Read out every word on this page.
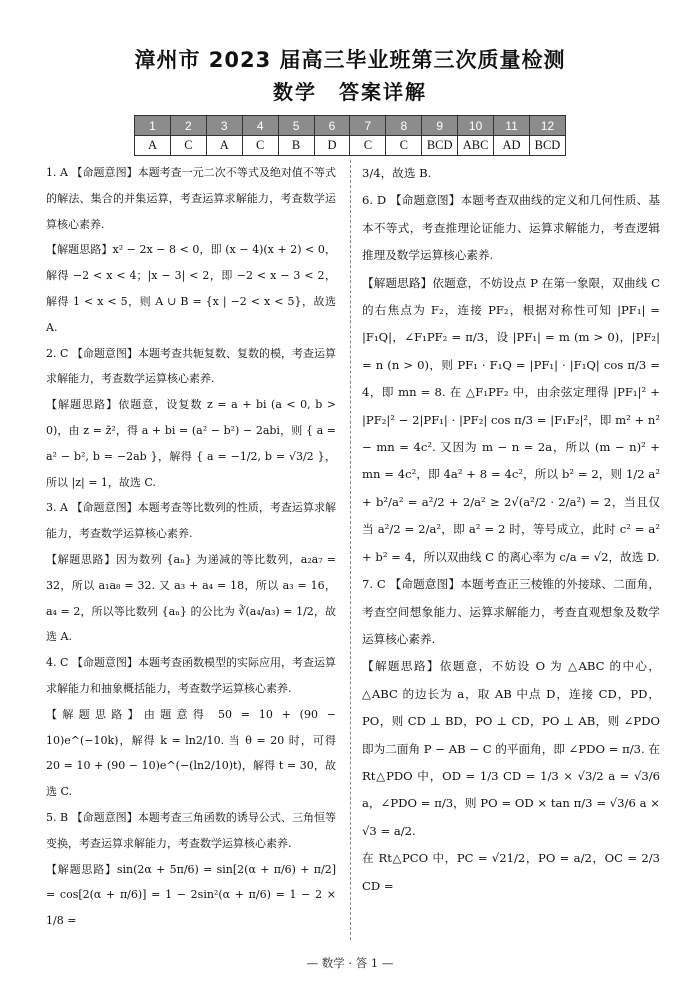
漳州市 2023 届高三毕业班第三次质量检测
数学 答案详解
1	2	3	4	5	6	7	8	9	10	11	12
A	C	A	C	B	D	C	C	BCD	ABC	AD	BCD

1. A 【命题意图】本题考查一元二次不等式及绝对值不等式的解法、集合的并集运算，考查运算求解能力，考查数学运算核心素养.

【解题思路】x² − 2x − 8 < 0，即 (x − 4)(x + 2) < 0，解得 −2 < x < 4；|x − 3| < 2，即 −2 < x − 3 < 2，解得 1 < x < 5，则 A ∪ B = {x | −2 < x < 5}，故选 A.

2. C 【命题意图】本题考查共轭复数、复数的模，考查运算求解能力，考查数学运算核心素养.

【解题思路】依题意，设复数 z = a + bi (a < 0, b > 0)，由 z = z̄²，得 a + bi = (a² − b²) − 2abi，则 { a = a² − b², b = −2ab }，解得 { a = −1/2, b = √3/2 }，所以 |z| = 1，故选 C.

3. A 【命题意图】本题考查等比数列的性质，考查运算求解能力，考查数学运算核心素养.

【解题思路】因为数列 {aₙ} 为递减的等比数列，a₂a₇ = 32，所以 a₁a₈ = 32. 又 a₃ + a₄ = 18，所以 a₃ = 16，a₄ = 2，所以等比数列 {aₙ} 的公比为 ∛(a₄/a₃) = 1/2，故选 A.

4. C 【命题意图】本题考查函数模型的实际应用，考查运算求解能力和抽象概括能力，考查数学运算核心素养.

【解题思路】由题意得 50 = 10 + (90 − 10)e^(−10k)，解得 k = ln2/10. 当 θ = 20 时，可得 20 = 10 + (90 − 10)e^(−(ln2/10)t)，解得 t = 30，故选 C.

5. B 【命题意图】本题考查三角函数的诱导公式、三角恒等变换，考查运算求解能力，考查数学运算核心素养.

【解题思路】sin(2α + 5π/6) = sin[2(α + π/6) + π/2] = cos[2(α + π/6)] = 1 − 2sin²(α + π/6) = 1 − 2 × 1/8 =

3/4，故选 B.

6. D 【命题意图】本题考查双曲线的定义和几何性质、基本不等式，考查推理论证能力、运算求解能力，考查逻辑推理及数学运算核心素养.

【解题思路】依题意，不妨设点 P 在第一象限，双曲线 C 的右焦点为 F₂，连接 PF₂，根据对称性可知 |PF₁| = |F₁Q|，∠F₁PF₂ = π/3，设 |PF₁| = m (m > 0)，|PF₂| = n (n > 0)，则 PF₁ · F₁Q = |PF₁| · |F₁Q| cos π/3 = 4，即 mn = 8. 在 △F₁PF₂ 中，由余弦定理得 |PF₁|² + |PF₂|² − 2|PF₁| · |PF₂| cos π/3 = |F₁F₂|²，即 m² + n² − mn = 4c². 又因为 m − n = 2a，所以 (m − n)² + mn = 4c²，即 4a² + 8 = 4c²，所以 b² = 2，则 1/2 a² + b²/a² = a²/2 + 2/a² ≥ 2√(a²/2 · 2/a²) = 2，当且仅当 a²/2 = 2/a²，即 a² = 2 时，等号成立，此时 c² = a² + b² = 4，所以双曲线 C 的离心率为 c/a = √2，故选 D.

7. C 【命题意图】本题考查正三棱锥的外接球、二面角，考查空间想象能力、运算求解能力，考查直观想象及数学运算核心素养.

【解题思路】依题意，不妨设 O 为 △ABC 的中心，△ABC 的边长为 a，取 AB 中点 D，连接 CD，PD，PO，则 CD ⊥ BD，PO ⊥ CD，PO ⊥ AB，则 ∠PDO 即为二面角 P − AB − C 的平面角，即 ∠PDO = π/3. 在 Rt△PDO 中，OD = 1/3 CD = 1/3 × √3/2 a = √3/6 a，∠PDO = π/3，则 PO = OD × tan π/3 = √3/6 a × √3 = a/2.

在 Rt△PCO 中，PC = √21/2，PO = a/2，OC = 2/3 CD =

— 数学 · 答 1 —
